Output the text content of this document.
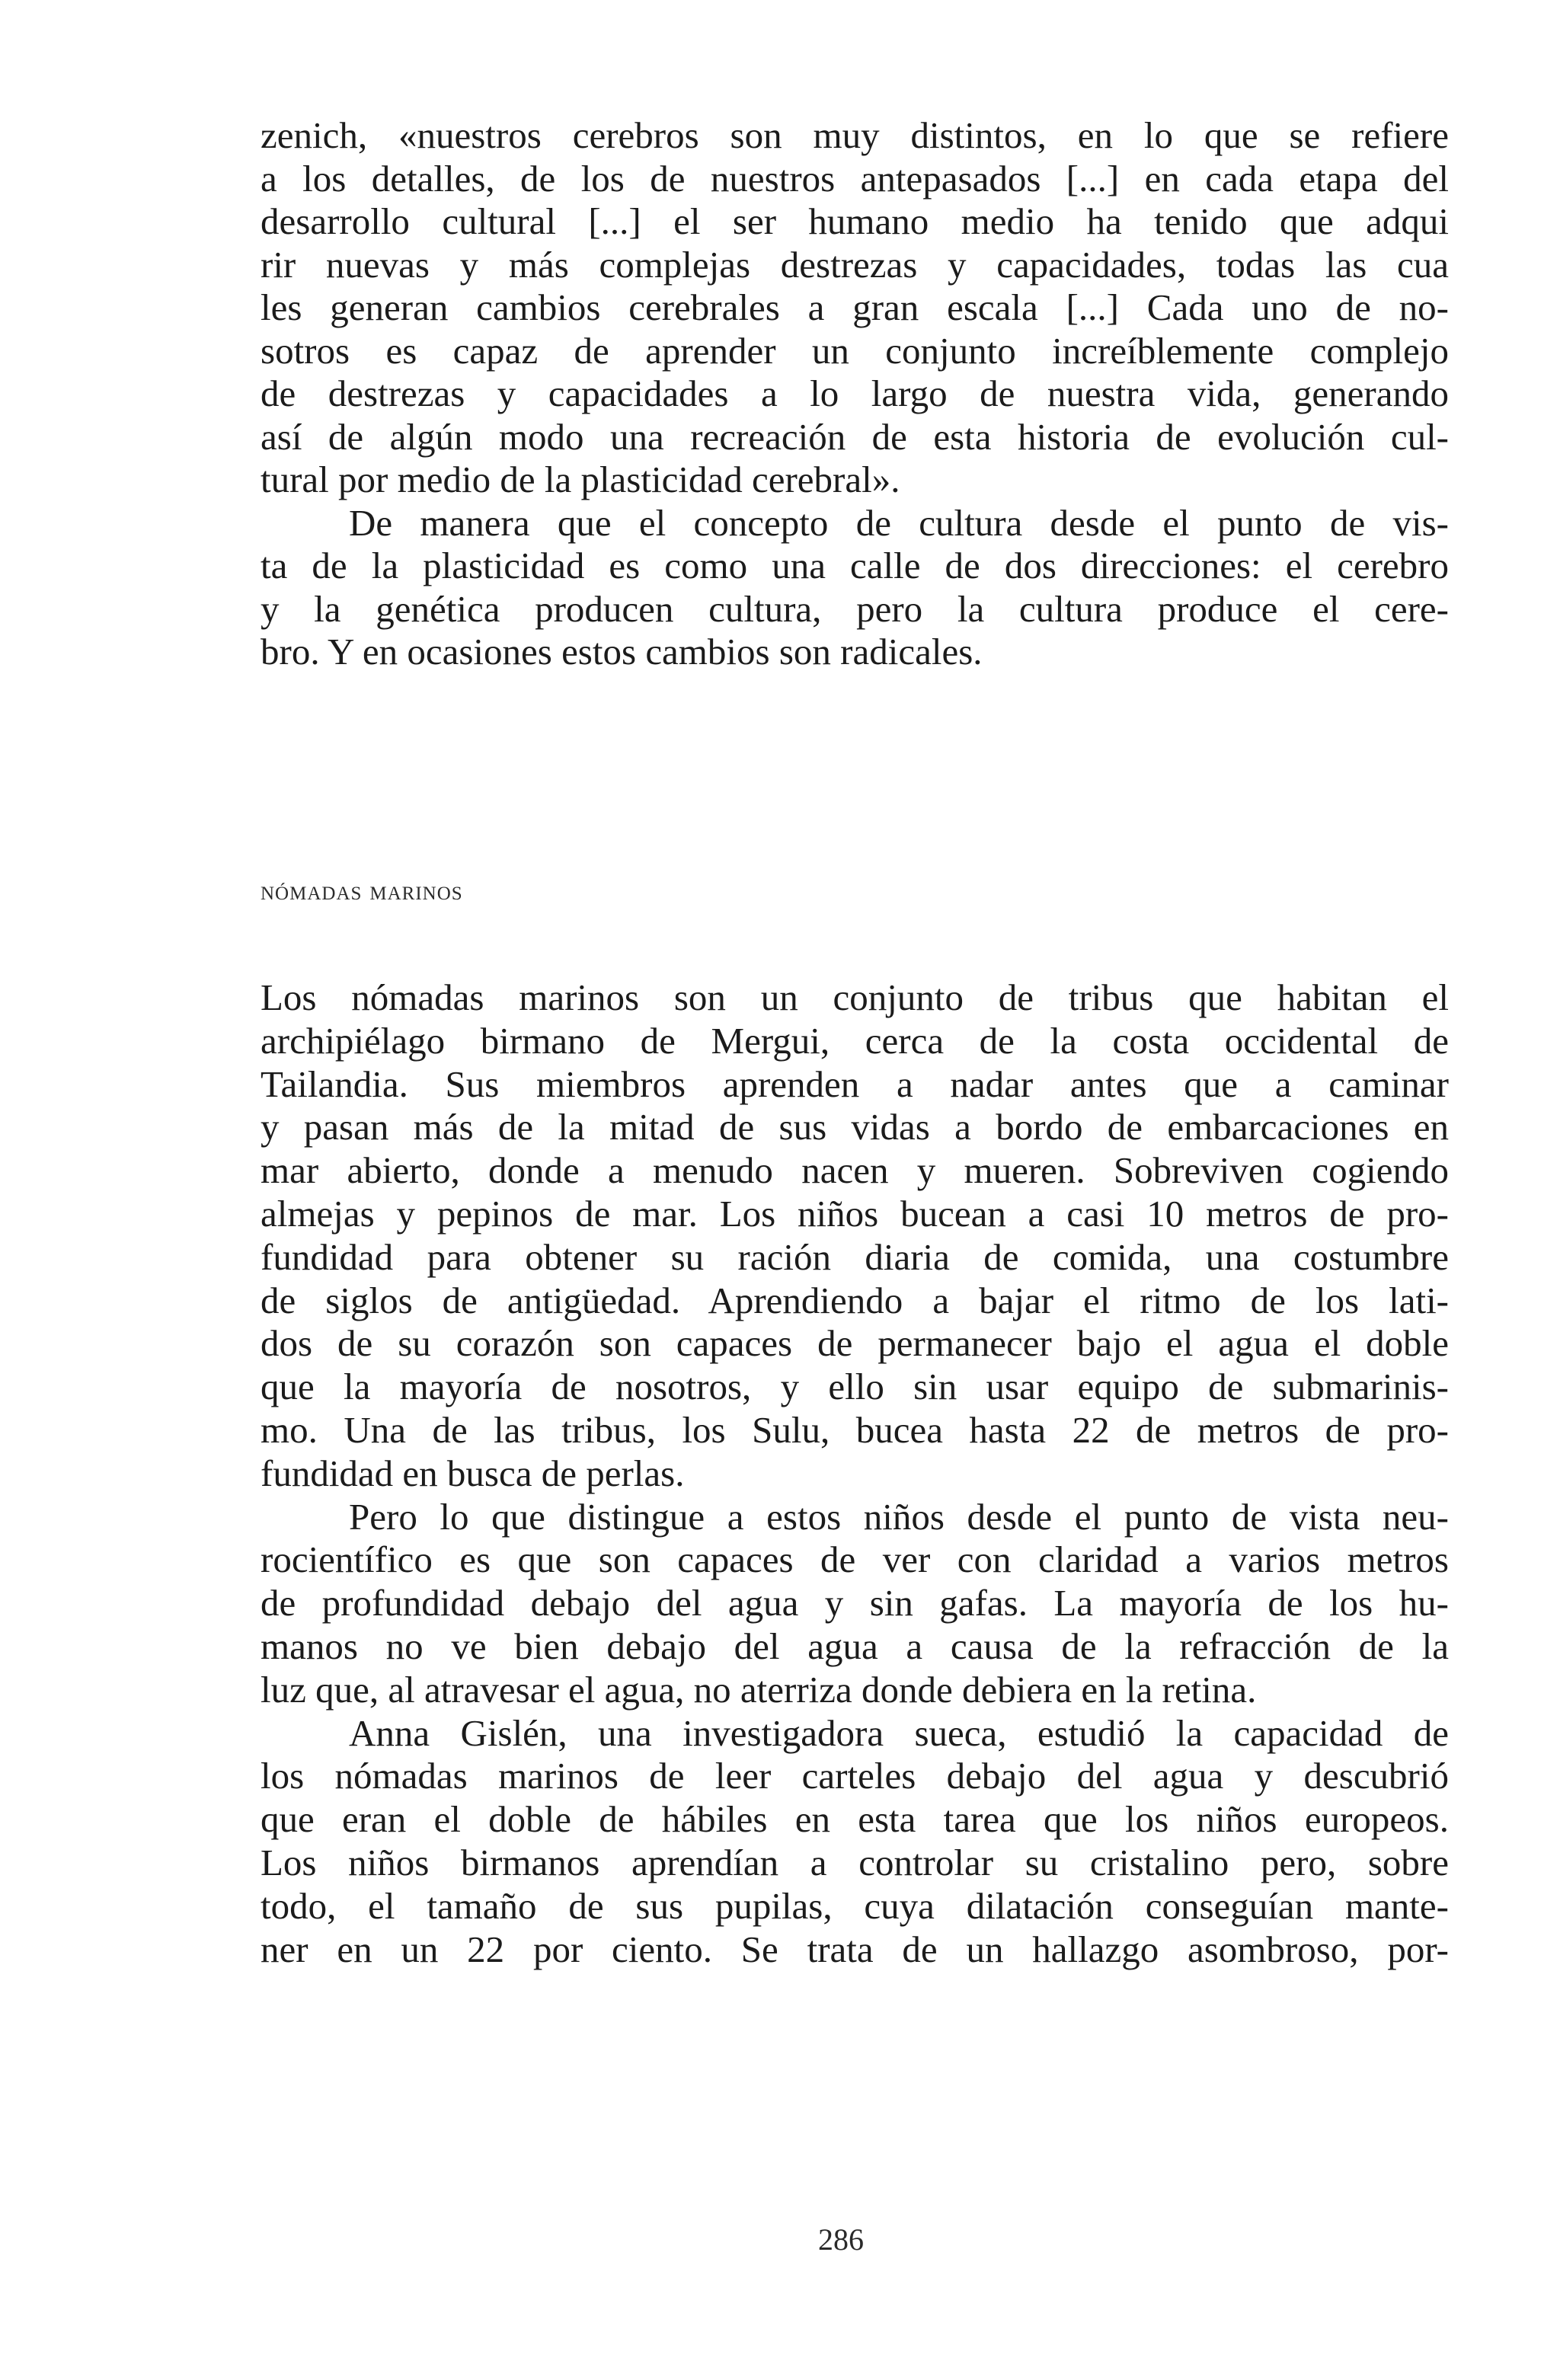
zenich, «nuestros cerebros son muy distintos, en lo que se refiere
a los detalles, de los de nuestros antepasados [...] en cada etapa del
desarrollo cultural [...] el ser humano medio ha tenido que adqui
rir nuevas y más complejas destrezas y capacidades, todas las cua
les generan cambios cerebrales a gran escala [...] Cada uno de no-
sotros es capaz de aprender un conjunto increíblemente complejo
de destrezas y capacidades a lo largo de nuestra vida, generando
así de algún modo una recreación de esta historia de evolución cul-
tural por medio de la plasticidad cerebral».
De manera que el concepto de cultura desde el punto de vis-
ta de la plasticidad es como una calle de dos direcciones: el cerebro
y la genética producen cultura, pero la cultura produce el cere-
bro. Y en ocasiones estos cambios son radicales.
nómadas marinos
Los nómadas marinos son un conjunto de tribus que habitan el
archipiélago birmano de Mergui, cerca de la costa occidental de
Tailandia. Sus miembros aprenden a nadar antes que a caminar
y pasan más de la mitad de sus vidas a bordo de embarcaciones en
mar abierto, donde a menudo nacen y mueren. Sobreviven cogiendo
almejas y pepinos de mar. Los niños bucean a casi 10 metros de pro-
fundidad para obtener su ración diaria de comida, una costumbre
de siglos de antigüedad. Aprendiendo a bajar el ritmo de los lati-
dos de su corazón son capaces de permanecer bajo el agua el doble
que la mayoría de nosotros, y ello sin usar equipo de submarinis-
mo. Una de las tribus, los Sulu, bucea hasta 22 de metros de pro-
fundidad en busca de perlas.
Pero lo que distingue a estos niños desde el punto de vista neu-
rocientífico es que son capaces de ver con claridad a varios metros
de profundidad debajo del agua y sin gafas. La mayoría de los hu-
manos no ve bien debajo del agua a causa de la refracción de la
luz que, al atravesar el agua, no aterriza donde debiera en la retina.
Anna Gislén, una investigadora sueca, estudió la capacidad de
los nómadas marinos de leer carteles debajo del agua y descubrió
que eran el doble de hábiles en esta tarea que los niños europeos.
Los niños birmanos aprendían a controlar su cristalino pero, sobre
todo, el tamaño de sus pupilas, cuya dilatación conseguían mante-
ner en un 22 por ciento. Se trata de un hallazgo asombroso, por-
286
